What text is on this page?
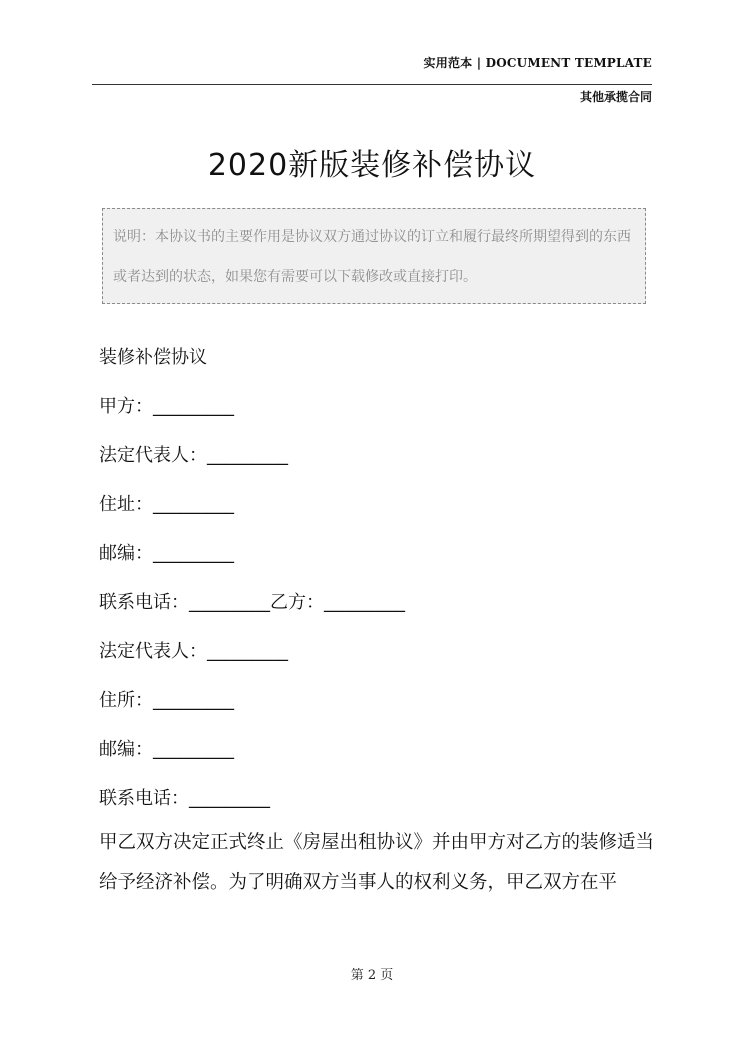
实用范本 | DOCUMENT TEMPLATE
其他承揽合同
2020新版装修补偿协议
说明：本协议书的主要作用是协议双方通过协议的订立和履行最终所期望得到的东西或者达到的状态，如果您有需要可以下载修改或直接打印。
装修补偿协议
甲方：_________
法定代表人：_________
住址：_________
邮编：_________
联系电话：_________乙方：_________
法定代表人：_________
住所：_________
邮编：_________
联系电话：_________
甲乙双方决定正式终止《房屋出租协议》并由甲方对乙方的装修适当给予经济补偿。为了明确双方当事人的权利义务，甲乙双方在平
第 2 页
